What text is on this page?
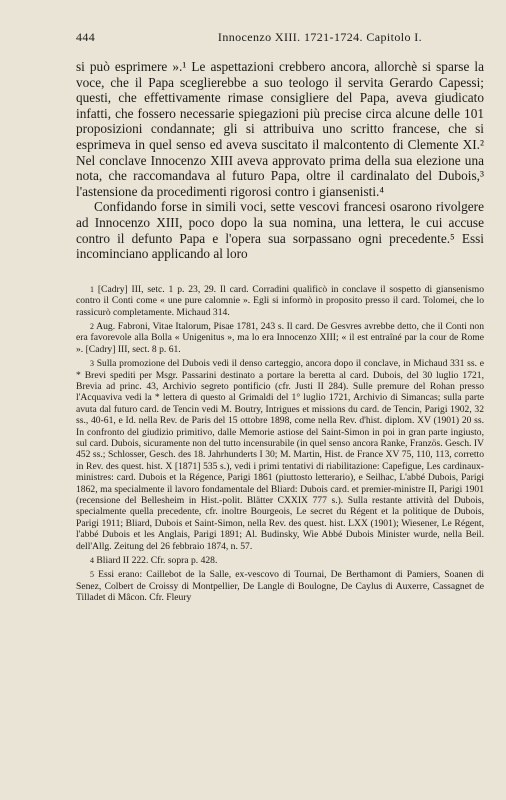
444	Innocenzo XIII. 1721-1724. Capitolo I.

si può esprimere ».¹ Le aspettazioni crebbero ancora, allorchè si sparse la voce, che il Papa sceglierebbe a suo teologo il servita Gerardo Capessi; questi, che effettivamente rimase consigliere del Papa, aveva giudicato infatti, che fossero necessarie spiegazioni più precise circa alcune delle 101 proposizioni condannate; gli si attribuiva uno scritto francese, che si esprimeva in quel senso ed aveva suscitato il malcontento di Clemente XI.² Nel conclave Innocenzo XIII aveva approvato prima della sua elezione una nota, che raccomandava al futuro Papa, oltre il cardinalato del Dubois,³ l'astensione da procedimenti rigorosi contro i giansenisti.⁴

Confidando forse in simili voci, sette vescovi francesi osarono rivolgere ad Innocenzo XIII, poco dopo la sua nomina, una lettera, le cui accuse contro il defunto Papa e l'opera sua sorpassano ogni precedente.⁵ Essi incominciano applicando al loro

1 [Cadry] III, setc. 1 p. 23, 29. Il card. Corradini qualificò in conclave il sospetto di giansenismo contro il Conti come « une pure calomnie ». Egli si informò in proposito presso il card. Tolomei, che lo rassicurò completamente. Michaud 314.

2 Aug. Fabroni, Vitae Italorum, Pisae 1781, 243 s. Il card. De Gesvres avrebbe detto, che il Conti non era favorevole alla Bolla « Unigenitus », ma lo era Innocenzo XIII; « il est entraîné par la cour de Rome ». [Cadry] III, sect. 8 p. 61.

3 Sulla promozione del Dubois vedi il denso carteggio, ancora dopo il conclave, in Michaud 331 ss. e * Brevi spediti per Msgr. Passarini destinato a portare la beretta al card. Dubois, del 30 luglio 1721, Brevia ad princ. 43, Archivio segreto pontificio (cfr. Justi II 284). Sulle premure del Rohan presso l'Acquaviva vedi la * lettera di questo al Grimaldi del 1° luglio 1721, Archivio di Simancas; sulla parte avuta dal futuro card. de Tencin vedi M. Boutry, Intrigues et missions du card. de Tencin, Parigi 1902, 32 ss., 40-61, e Id. nella Rev. de Paris del 15 ottobre 1898, come nella Rev. d'hist. diplom. XV (1901) 20 ss. In confronto del giudizio primitivo, dalle Memorie astiose del Saint-Simon in poi in gran parte ingiusto, sul card. Dubois, sicuramente non del tutto incensurabile (in quel senso ancora Ranke, Französ. Gesch. IV 452 ss.; Schlosser, Gesch. des 18. Jahrhunderts I 30; M. Martin, Hist. de France XV 75, 110, 113, corretto in Rev. des quest. hist. X [1871] 535 s.), vedi i primi tentativi di riabilitazione: Capefigue, Les cardinaux-ministres: card. Dubois et la Régence, Parigi 1861 (piuttosto letterario), e Seilhac, L'abbé Dubois, Parigi 1862, ma specialmente il lavoro fondamentale del Bliard: Dubois card. et premier-ministre II, Parigi 1901 (recensione del Bellesheim in Hist.-polit. Blätter CXXIX 777 s.). Sulla restante attività del Dubois, specialmente quella precedente, cfr. inoltre Bourgeois, Le secret du Régent et la politique de Dubois, Parigi 1911; Bliard, Dubois et Saint-Simon, nella Rev. des quest. hist. LXX (1901); Wiesener, Le Régent, l'abbé Dubois et les Anglais, Parigi 1891; Al. Budinsky, Wie Abbé Dubois Minister wurde, nella Beil. dell'Allg. Zeitung del 26 febbraio 1874, n. 57.

4 Bliard II 222. Cfr. sopra p. 428.

5 Essi erano: Caillebot de la Salle, ex-vescovo di Tournai, De Berthamont di Pamiers, Soanen di Senez, Colbert de Croissy di Montpellier, De Langle di Boulogne, De Caylus di Auxerre, Cassagnet de Tilladet di Mâcon. Cfr. Fleury
